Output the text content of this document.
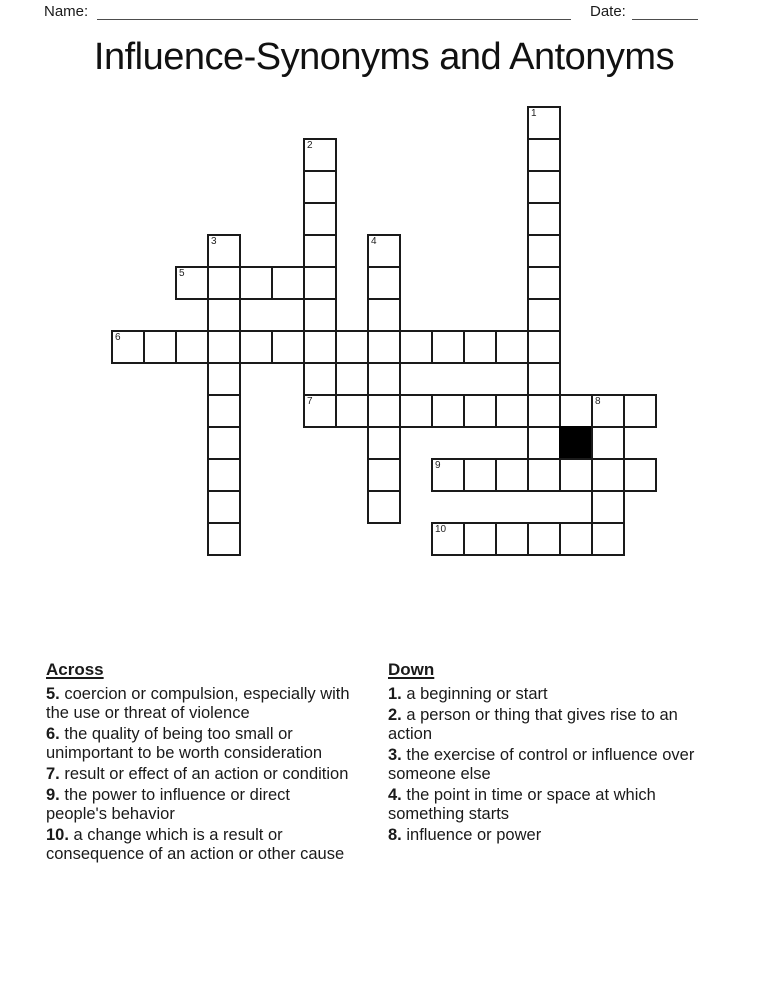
Name:	Date:
Influence-Synonyms and Antonyms
1
2
3	4
5
6
7	8
9
10
Across

5. coercion or compulsion, especially with the use or threat of violence

6. the quality of being too small or unimportant to be worth consideration

7. result or effect of an action or condition

9. the power to influence or direct people's behavior

10. a change which is a result or consequence of an action or other cause

Down

1. a beginning or start

2. a person or thing that gives rise to an action

3. the exercise of control or influence over someone else

4. the point in time or space at which something starts

8. influence or power
